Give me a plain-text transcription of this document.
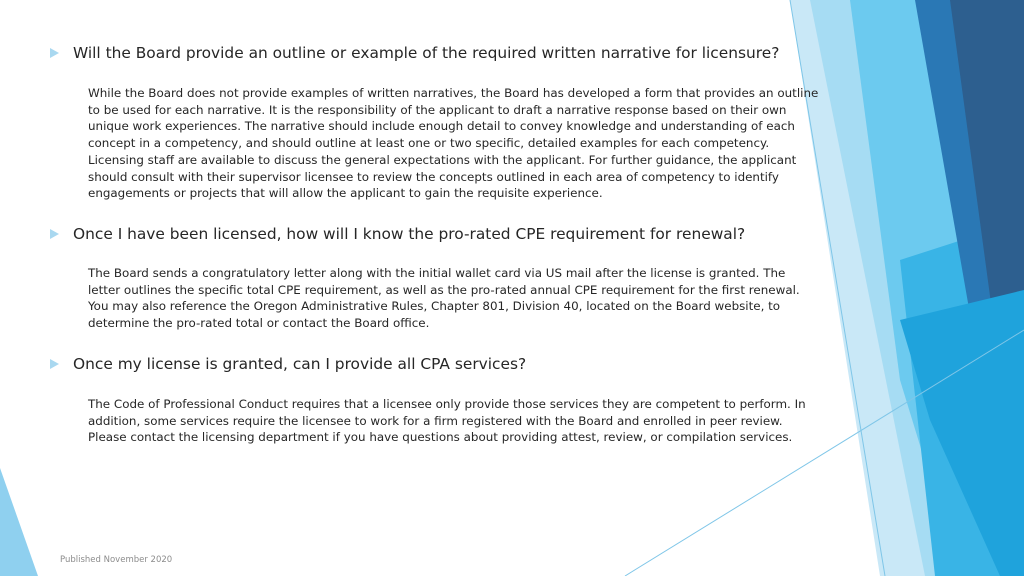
Will the Board provide an outline or example of the required written narrative for licensure?

While the Board does not provide examples of written narratives, the Board has developed a form that provides an outline
to be used for each narrative. It is the responsibility of the applicant to draft a narrative response based on their own
unique work experiences. The narrative should include enough detail to convey knowledge and understanding of each
concept in a competency, and should outline at least one or two specific, detailed examples for each competency.
Licensing staff are available to discuss the general expectations with the applicant. For further guidance, the applicant
should consult with their supervisor licensee to review the concepts outlined in each area of competency to identify
engagements or projects that will allow the applicant to gain the requisite experience.

Once I have been licensed, how will I know the pro-rated CPE requirement for renewal?

The Board sends a congratulatory letter along with the initial wallet card via US mail after the license is granted. The
letter outlines the specific total CPE requirement, as well as the pro-rated annual CPE requirement for the first renewal.
You may also reference the Oregon Administrative Rules, Chapter 801, Division 40, located on the Board website, to
determine the pro-rated total or contact the Board office.

Once my license is granted, can I provide all CPA services?

The Code of Professional Conduct requires that a licensee only provide those services they are competent to perform. In
addition, some services require the licensee to work for a firm registered with the Board and enrolled in peer review.
Please contact the licensing department if you have questions about providing attest, review, or compilation services.

Published November 2020
